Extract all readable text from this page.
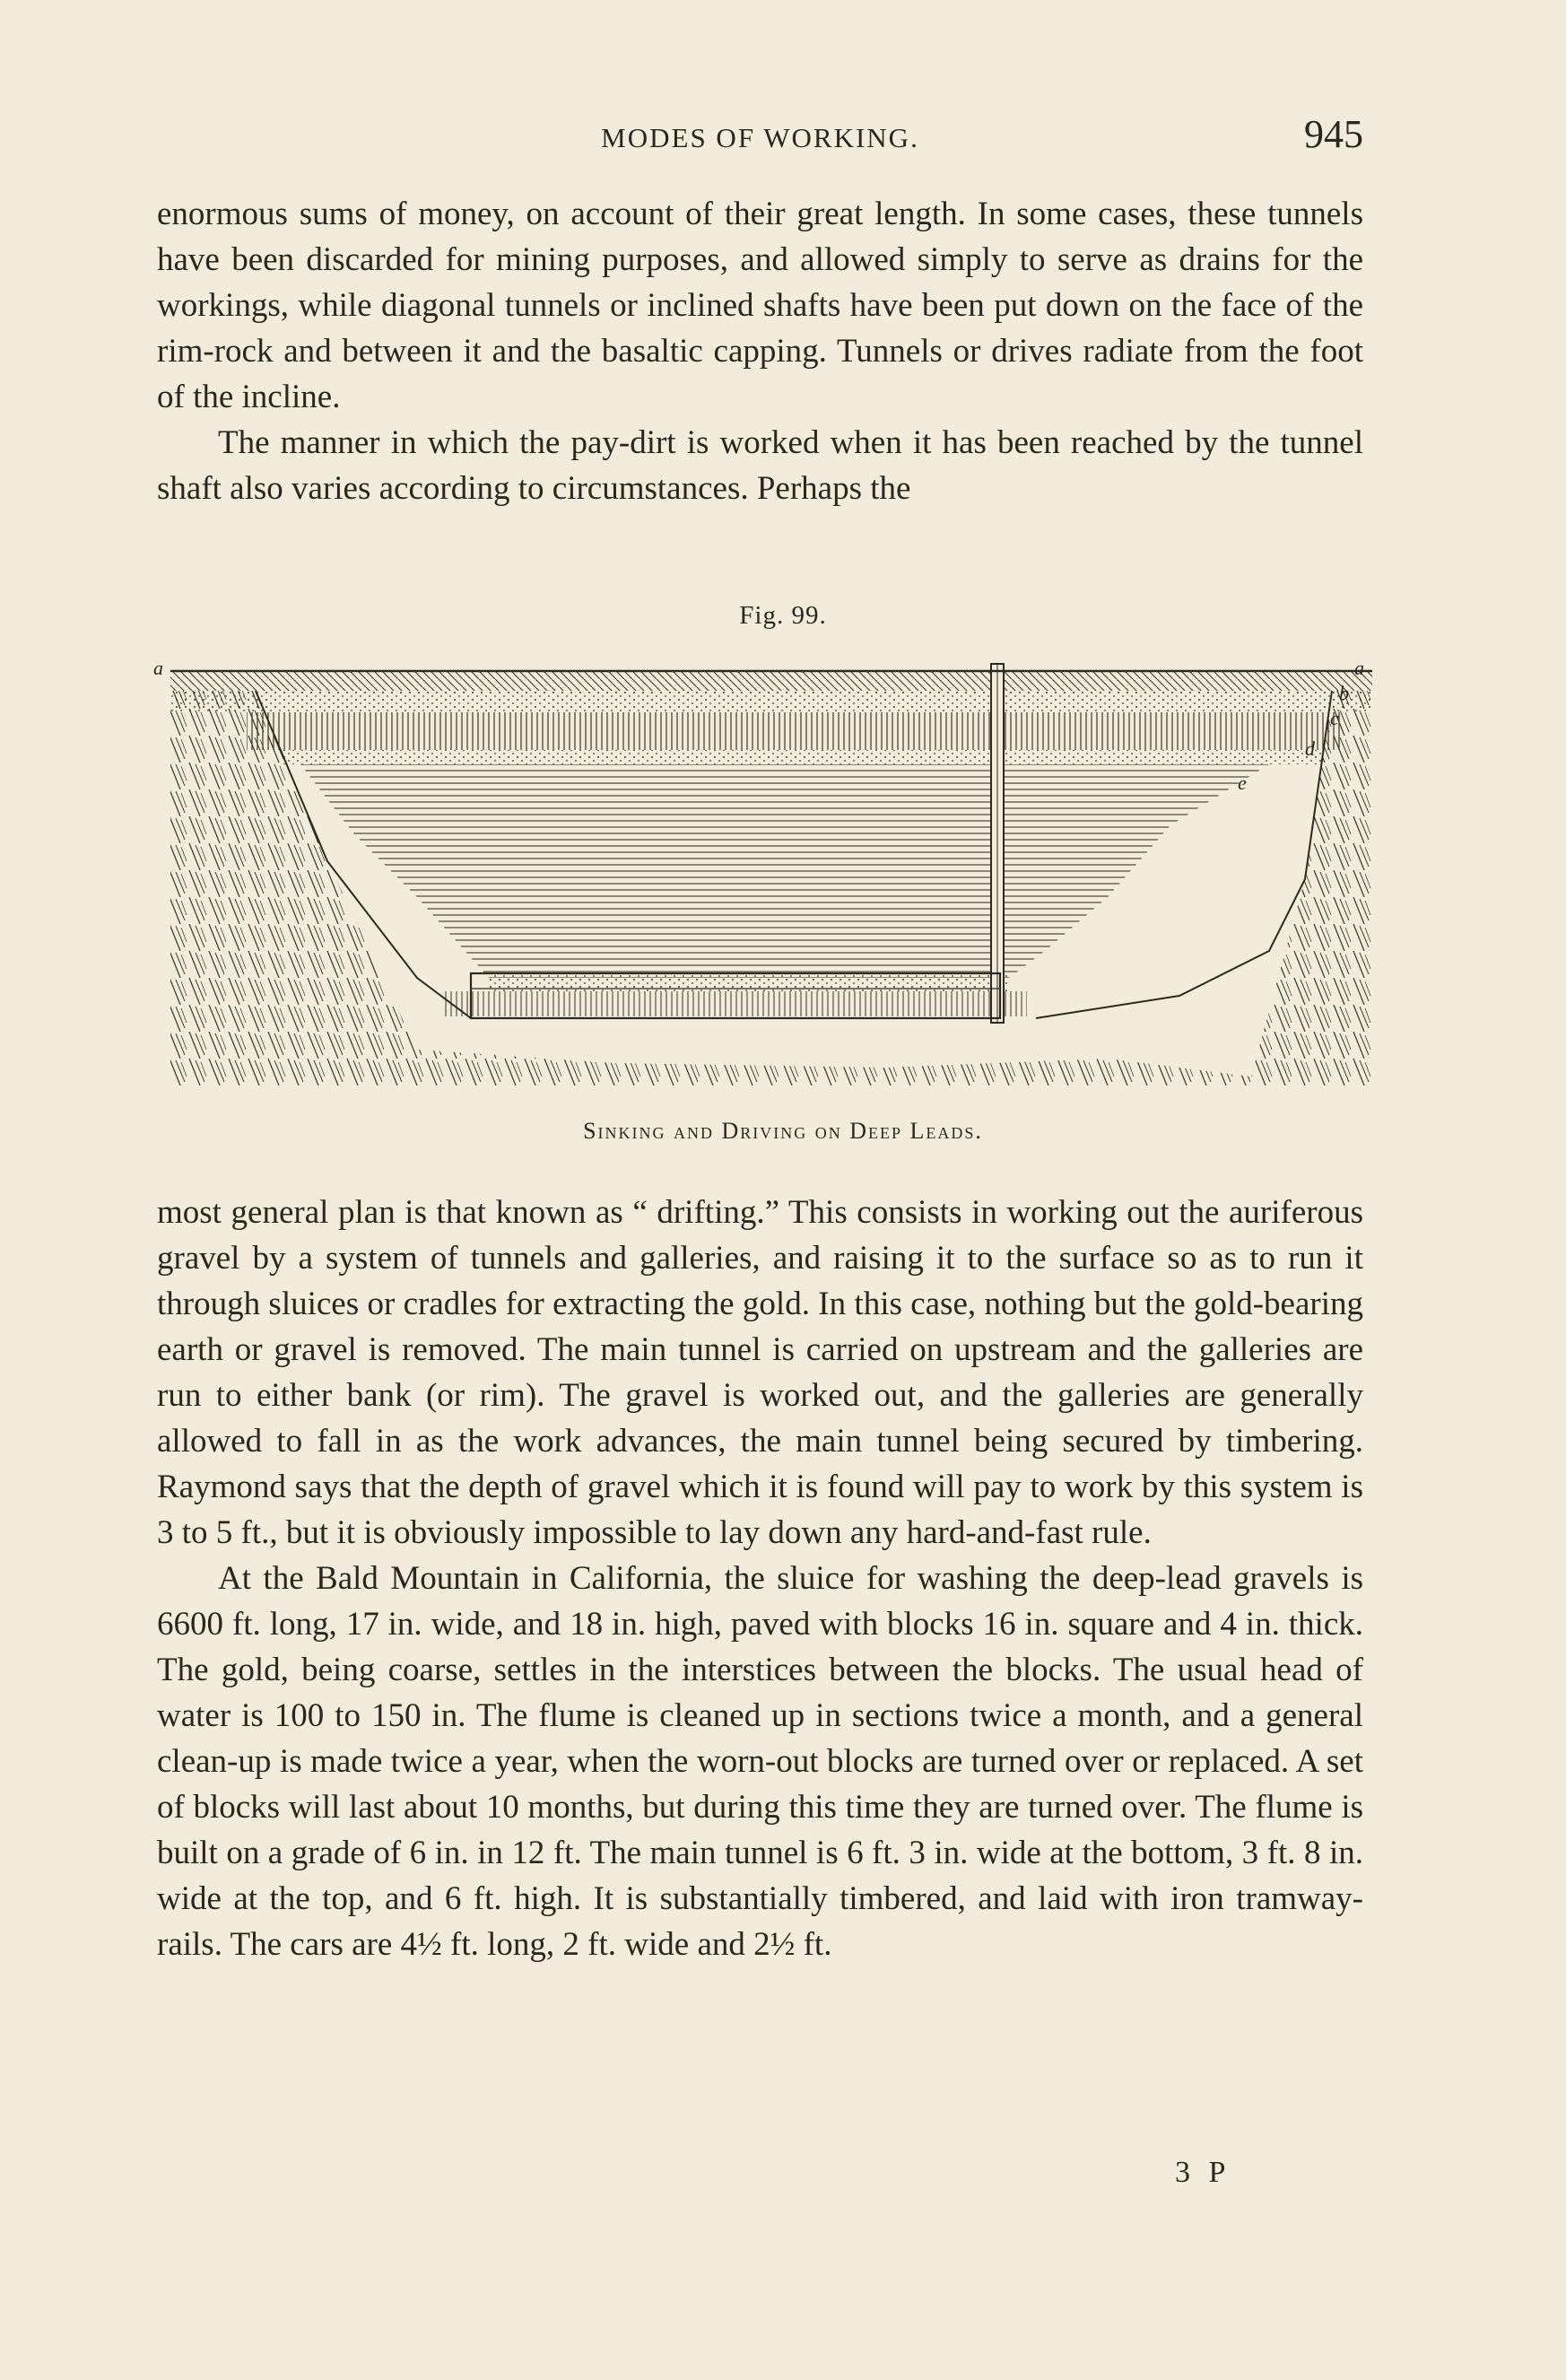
MODES OF WORKING.	945

enormous sums of money, on account of their great length. In some cases, these tunnels have been discarded for mining purposes, and allowed simply to serve as drains for the workings, while diagonal tunnels or inclined shafts have been put down on the face of the rim-rock and between it and the basaltic capping. Tunnels or drives radiate from the foot of the incline.

The manner in which the pay-dirt is worked when it has been reached by the tunnel shaft also varies according to circumstances. Perhaps the

Fig. 99.
a
b
c
d
e
a
Sinking and Driving on Deep Leads.

most general plan is that known as “ drifting.” This consists in working out the auriferous gravel by a system of tunnels and galleries, and raising it to the surface so as to run it through sluices or cradles for extracting the gold. In this case, nothing but the gold-bearing earth or gravel is removed. The main tunnel is carried on upstream and the galleries are run to either bank (or rim). The gravel is worked out, and the galleries are generally allowed to fall in as the work advances, the main tunnel being secured by timbering. Raymond says that the depth of gravel which it is found will pay to work by this system is 3 to 5 ft., but it is obviously impossible to lay down any hard-and-fast rule.

At the Bald Mountain in California, the sluice for washing the deep-lead gravels is 6600 ft. long, 17 in. wide, and 18 in. high, paved with blocks 16 in. square and 4 in. thick. The gold, being coarse, settles in the interstices between the blocks. The usual head of water is 100 to 150 in. The flume is cleaned up in sections twice a month, and a general clean-up is made twice a year, when the worn-out blocks are turned over or replaced. A set of blocks will last about 10 months, but during this time they are turned over. The flume is built on a grade of 6 in. in 12 ft. The main tunnel is 6 ft. 3 in. wide at the bottom, 3 ft. 8 in. wide at the top, and 6 ft. high. It is substantially timbered, and laid with iron tramway-rails. The cars are 4½ ft. long, 2 ft. wide and 2½ ft.

3 P
